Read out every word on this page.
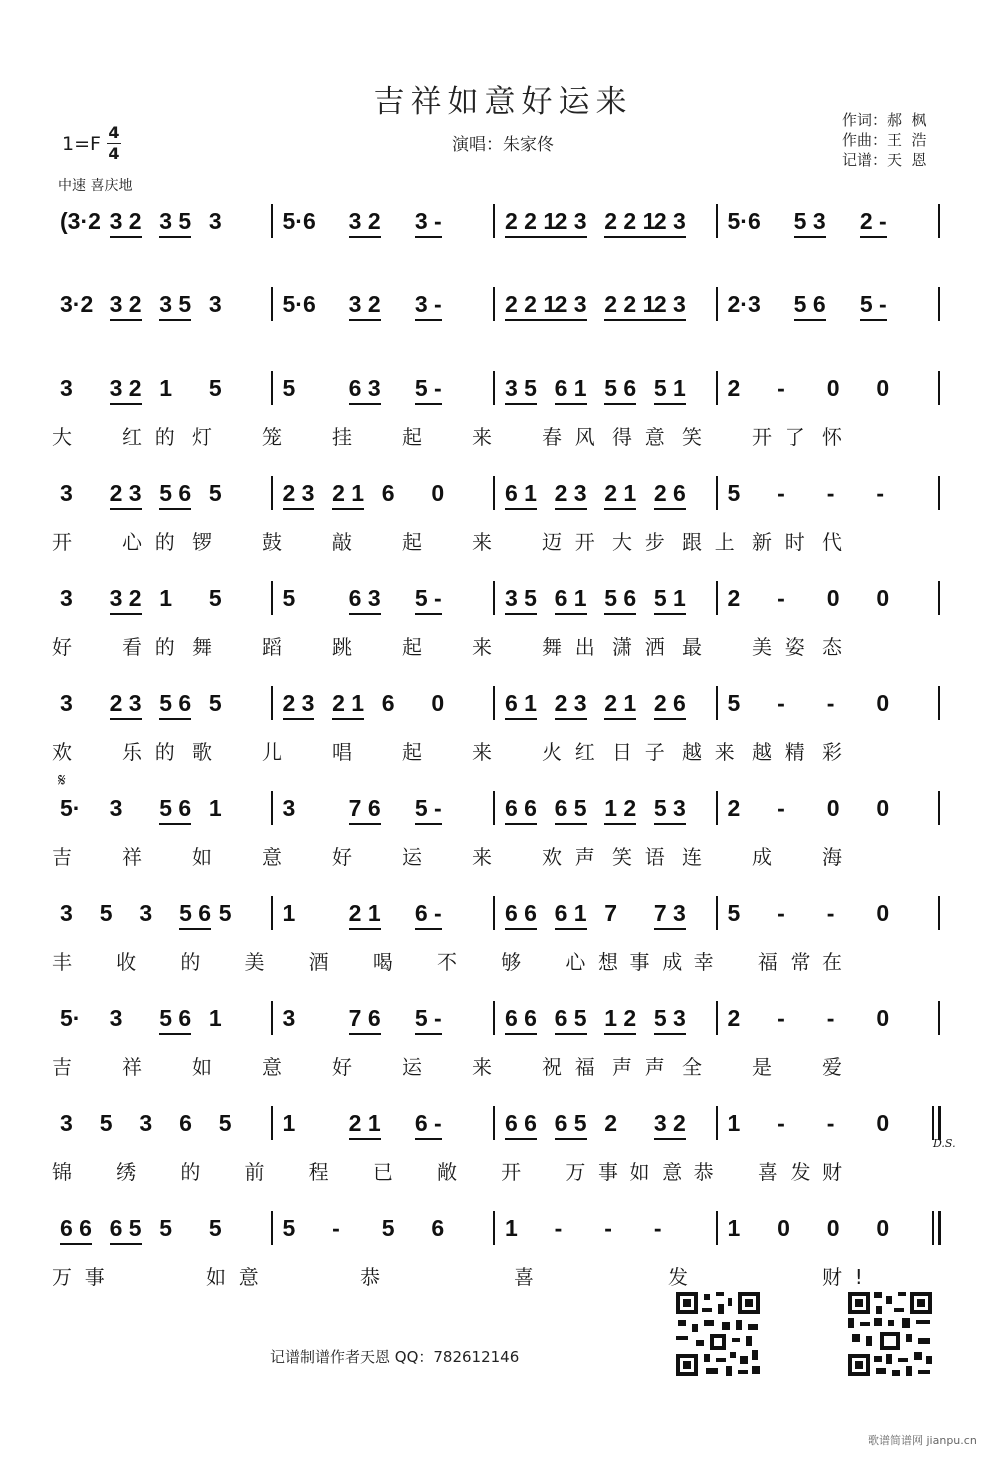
吉祥如意好运来
演唱：朱家佟
作词：郝  枫
作曲：王  浩
记谱：天  恩
$1=F \frac{4}{4}$
中速 喜庆地
(3·2 3 2 3 5 3	5·6 3 2 3 -	2 2 1
2 3 2 2 1
2 3 5·6 5 3 2 -
3·2 3 2 3 5 3	5·6 3 2 3 -	2 2 1
2 3 2 2 1
2 3 2·3 5 6 5 -
3 3 2 1 5	5 6 3 5 -	3 5 6 1 5 6 5 1 2 - 0 0
大	红  的 灯	笼	挂	起	来	春  风 得  意 笑	开  了 怀
3 2 3 5 6 5	2 3 2 1 6 0	6 1 2 3 2 1 2 6 5 - - -
开	心  的 锣	鼓	敲	起	来	迈  开 大  步 跟  上 新  时 代
3 3 2 1 5	5 6 3 5 -	3 5 6 1 5 6 5 1 2 - 0 0
好	看  的 舞	蹈	跳	起	来	舞  出 潇  洒 最	美  姿 态
3 2 3 5 6 5	2 3 2 1 6 0	6 1 2 3 2 1 2 6 5 - - 0
欢	乐  的 歌	儿	唱	起	来	火  红 日  子 越  来 越  精 彩
5· 3 5 6 1	3 7 6 5 -	6 6 6 5 1 2 5 3 2 - 0 0
吉	祥	如	意	好	运	来	欢  声 笑  语 连	成	海
3 5 3 5 6 5 1 2 1 6 -	6 6 6 1 7 7 3 5 - - 0
丰 收 的 美 酒 喝 不 够 心  想 事  成 幸 福  常 在
5· 3 5 6 1	3 7 6 5 -	6 6 6 5 1 2 5 3 2 - - 0
吉	祥	如	意	好	运	来	祝  福 声  声 全	是	爱
3 5 3 6 5 1 2 1 6 -	6 6 6 5 2 3 2 1 - - 0
锦 绣 的 前 程 已 敞 开 万  事 如  意 恭 喜  发 财
6 6 6 5 5 5	5 - 5 6	1 - - -	1 0 0 0
万  事	如  意	恭	喜	发	财  !
𝄋
D.S.
记谱制谱作者天恩 QQ：782612146
歌谱简谱网 jianpu.cn
